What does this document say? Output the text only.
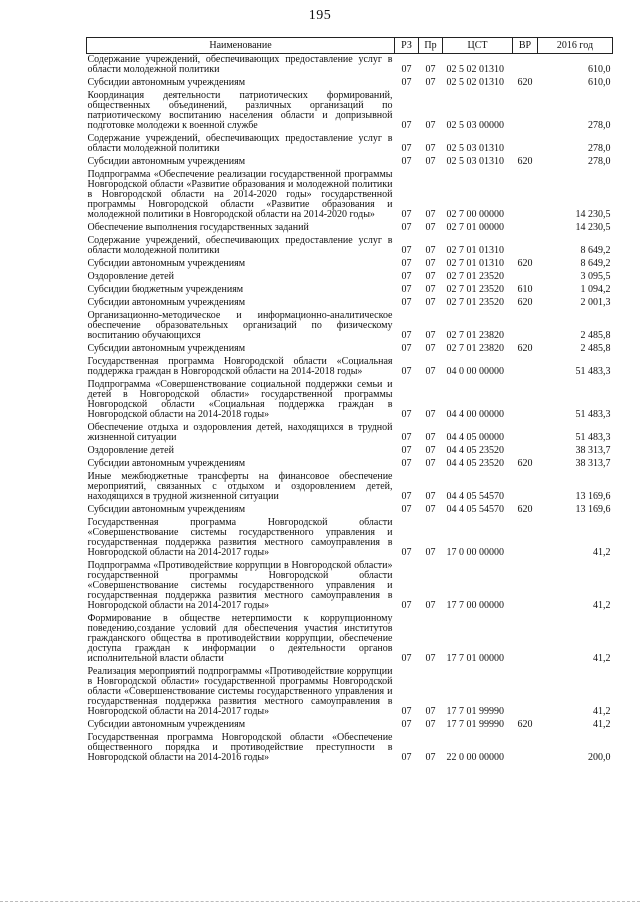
195
Наименование	РЗ	Пр	ЦСТ	ВР	2016 год
Содержание учреждений, обеспечивающих предоставление услуг в области молодежной политики	07	07	02 5 02 01310		610,0
Субсидии автономным учреждениям	07	07	02 5 02 01310	620	610,0
Координация деятельности патриотических формирований, общественных объединений, различных организаций по патриотическому воспитанию населения области и допризывной подготовке молодежи к военной службе	07	07	02 5 03 00000		278,0
Содержание учреждений, обеспечивающих предоставление услуг в области молодежной политики	07	07	02 5 03 01310		278,0
Субсидии автономным учреждениям	07	07	02 5 03 01310	620	278,0
Подпрограмма «Обеспечение реализации государственной программы Новгородской области «Развитие образования и молодежной политики в Новгородской области на 2014-2020 годы» государственной программы Новгородской области «Развитие образования и молодежной политики в Новгородской области на 2014-2020 годы»	07	07	02 7 00 00000		14 230,5
Обеспечение выполнения государственных заданий	07	07	02 7 01 00000		14 230,5
Содержание учреждений, обеспечивающих предоставление услуг в области молодежной политики	07	07	02 7 01 01310		8 649,2
Субсидии автономным учреждениям	07	07	02 7 01 01310	620	8 649,2
Оздоровление детей	07	07	02 7 01 23520		3 095,5
Субсидии бюджетным учреждениям	07	07	02 7 01 23520	610	1 094,2
Субсидии автономным учреждениям	07	07	02 7 01 23520	620	2 001,3
Организационно-методическое и информационно-аналитическое обеспечение образовательных организаций по физическому воспитанию обучающихся	07	07	02 7 01 23820		2 485,8
Субсидии автономным учреждениям	07	07	02 7 01 23820	620	2 485,8
Государственная программа Новгородской области «Социальная поддержка граждан в Новгородской области на 2014-2018 годы»	07	07	04 0 00 00000		51 483,3
Подпрограмма «Совершенствование социальной поддержки семьи и детей в Новгородской области» государственной программы Новгородской области «Социальная поддержка граждан в Новгородской области на 2014-2018 годы»	07	07	04 4 00 00000		51 483,3
Обеспечение отдыха и оздоровления детей, находящихся в трудной жизненной ситуации	07	07	04 4 05 00000		51 483,3
Оздоровление детей	07	07	04 4 05 23520		38 313,7
Субсидии автономным учреждениям	07	07	04 4 05 23520	620	38 313,7
Иные межбюджетные трансферты на финансовое обеспечение мероприятий, связанных с отдыхом и оздоровлением детей, находящихся в трудной жизненной ситуации	07	07	04 4 05 54570		13 169,6
Субсидии автономным учреждениям	07	07	04 4 05 54570	620	13 169,6
Государственная программа Новгородской области «Совершенствование системы государственного управления и государственная поддержка развития местного самоуправления в Новгородской области на 2014-2017 годы»	07	07	17 0 00 00000		41,2
Подпрограмма «Противодействие коррупции в Новгородской области» государственной программы Новгородской области «Совершенствование системы государственного управления и государственная поддержка развития местного самоуправления в Новгородской области на 2014-2017 годы»	07	07	17 7 00 00000		41,2
Формирование в обществе нетерпимости к коррупционному поведению,создание условий для обеспечения участия институтов гражданского общества в противодействии коррупции, обеспечение доступа граждан к информации о деятельности органов исполнительной власти области	07	07	17 7 01 00000		41,2
Реализация мероприятий подпрограммы «Противодействие коррупции в Новгородской области» государственной программы Новгородской области «Совершенствование системы государственного управления и государственная поддержка развития местного самоуправления в Новгородской области на 2014-2017 годы»	07	07	17 7 01 99990		41,2
Субсидии автономным учреждениям	07	07	17 7 01 99990	620	41,2
Государственная программа Новгородской области «Обеспечение общественного порядка и противодействие преступности в Новгородской области на 2014-2016 годы»	07	07	22 0 00 00000		200,0
